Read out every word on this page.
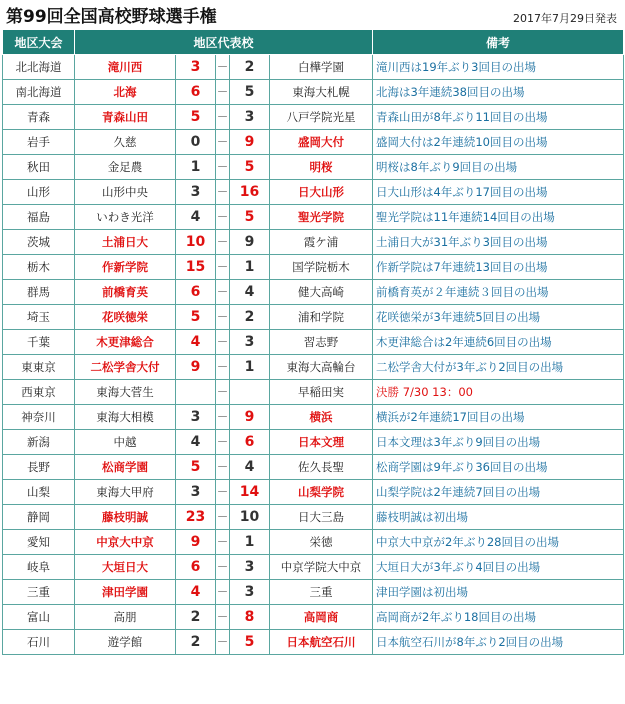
第99回全国高校野球選手権	2017年7月29日発表
地区大会	地区代表校					備考
北北海道	滝川西	3	－	2	白樺学園	滝川西は19年ぶり3回目の出場
南北海道	北海	6	－	5	東海大札幌	北海は3年連続38回目の出場
青森	青森山田	5	－	3	八戸学院光星	青森山田が8年ぶり11回目の出場
岩手	久慈	0	－	9	盛岡大付	盛岡大付は2年連続10回目の出場
秋田	金足農	1	－	5	明桜	明桜は8年ぶり9回目の出場
山形	山形中央	3	－	16	日大山形	日大山形は4年ぶり17回目の出場
福島	いわき光洋	4	－	5	聖光学院	聖光学院は11年連続14回目の出場
茨城	土浦日大	10	－	9	霞ケ浦	土浦日大が31年ぶり3回目の出場
栃木	作新学院	15	－	1	国学院栃木	作新学院は7年連続13回目の出場
群馬	前橋育英	6	－	4	健大高崎	前橋育英が２年連続３回目の出場
埼玉	花咲徳栄	5	－	2	浦和学院	花咲徳栄が3年連続5回目の出場
千葉	木更津総合	4	－	3	習志野	木更津総合は2年連続6回目の出場
東東京	二松学舎大付	9	－	1	東海大高輪台	二松学舎大付が3年ぶり2回目の出場
西東京	東海大菅生		－		早稲田実	決勝 7/30 13：00
神奈川	東海大相模	3	－	9	横浜	横浜が2年連続17回目の出場
新潟	中越	4	－	6	日本文理	日本文理は3年ぶり9回目の出場
長野	松商学園	5	－	4	佐久長聖	松商学園は9年ぶり36回目の出場
山梨	東海大甲府	3	－	14	山梨学院	山梨学院は2年連続7回目の出場
静岡	藤枝明誠	23	－	10	日大三島	藤枝明誠は初出場
愛知	中京大中京	9	－	1	栄徳	中京大中京が2年ぶり28回目の出場
岐阜	大垣日大	6	－	3	中京学院大中京	大垣日大が3年ぶり4回目の出場
三重	津田学園	4	－	3	三重	津田学園は初出場
富山	高朋	2	－	8	高岡商	高岡商が2年ぶり18回目の出場
石川	遊学館	2	－	5	日本航空石川	日本航空石川が8年ぶり2回目の出場
